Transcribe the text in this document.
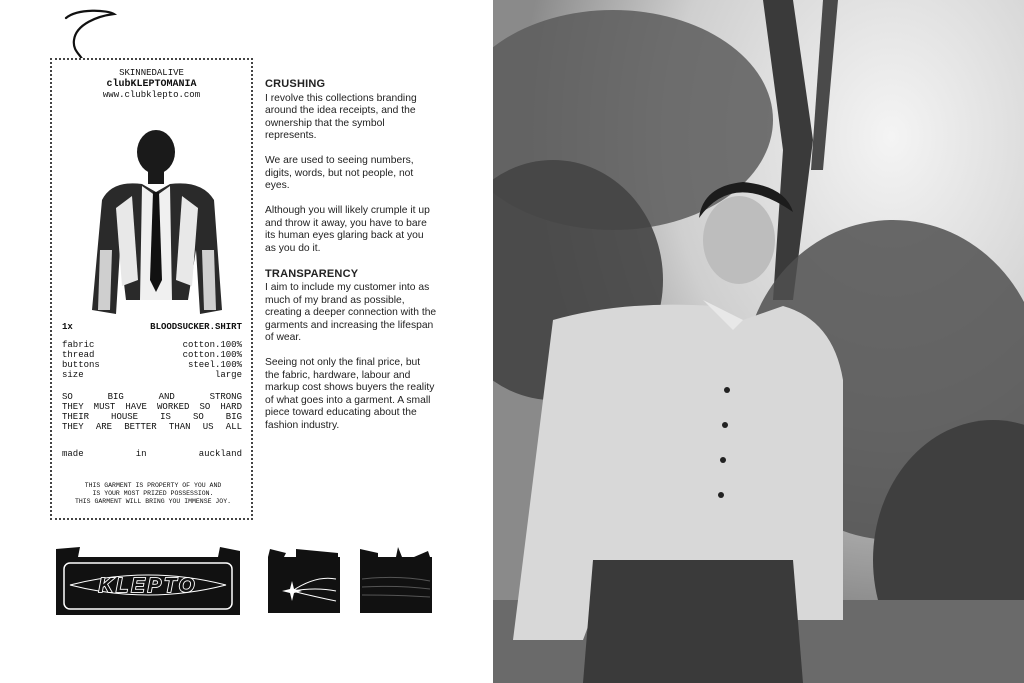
SKINNEDALIVE
clubKLEPTOMANIA
www.clubklepto.com
1x	BLOODSUCKER.SHIRT
fabric	cotton.100%
thread	cotton.100%
buttons	steel.100%
size	large
SO BIG AND STRONG
THEY MUST HAVE WORKED SO HARD
THEIR HOUSE IS SO BIG
THEY ARE BETTER THAN US ALL
made	in	auckland
THIS GARMENT IS PROPERTY OF YOU AND
IS YOUR MOST PRIZED POSSESSION.
THIS GARMENT WILL BRING YOU IMMENSE JOY.
CRUSHING

I revolve this collections branding around the idea receipts, and the ownership that the symbol represents.

We are used to seeing numbers, digits, words, but not people, not eyes.

Although you will likely crumple it up and throw it away, you have to bare its human eyes glaring back at you as you do it.

TRANSPARENCY

I aim to include my customer into as much of my brand as possible, creating a deeper connection with the garments and increasing the lifespan of wear.

Seeing not only the final price, but the fabric, hardware, labour and markup cost shows buyers the reality of what goes into a garment. A small piece toward educating about the fashion industry.

KLEPTO
